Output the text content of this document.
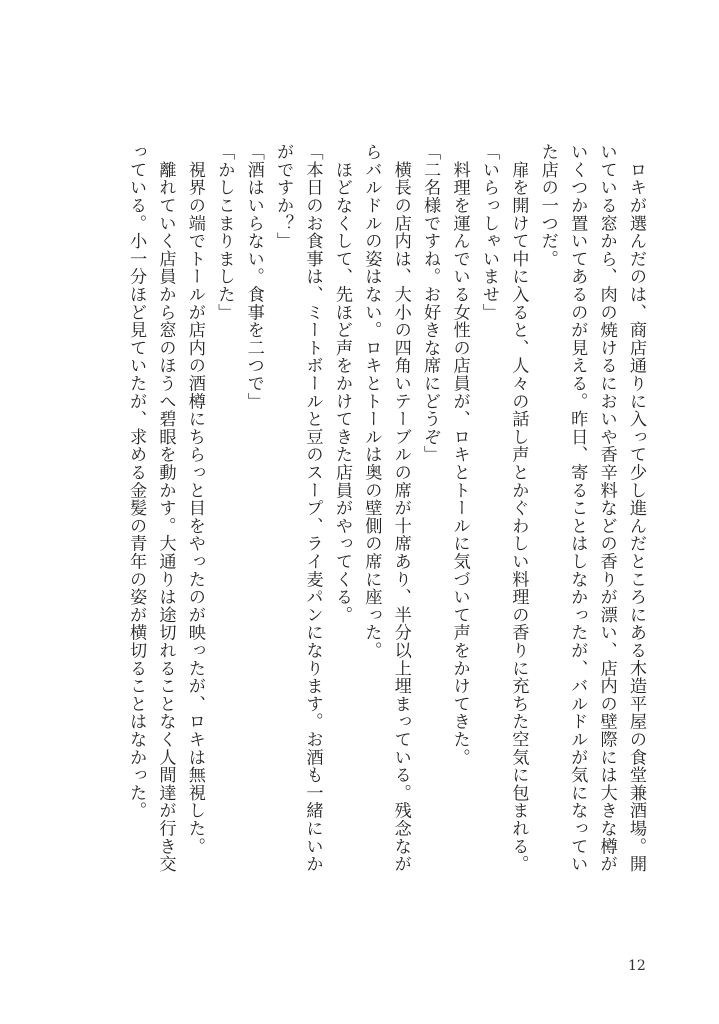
　ロキが選んだのは、商店通りに入って少し進んだところにある木造平屋の食堂兼酒場。開いている窓から、肉の焼けるにおいや香辛料などの香りが漂い、店内の壁際には大きな樽がいくつか置いてあるのが見える。昨日、寄ることはしなかったが、バルドルが気になっていた店の一つだ。

　扉を開けて中に入ると、人々の話し声とかぐわしい料理の香りに充ちた空気に包まれる。

「いらっしゃいませ」

　料理を運んでいる女性の店員が、ロキとトールに気づいて声をかけてきた。

「二名様ですね。お好きな席にどうぞ」

　横長の店内は、大小の四角いテーブルの席が十席あり、半分以上埋まっている。残念ながらバルドルの姿はない。ロキとトールは奥の壁側の席に座った。

　ほどなくして、先ほど声をかけてきた店員がやってくる。

「本日のお食事は、ミートボールと豆のスープ、ライ麦パンになります。お酒も一緒にいかがですか？」

「酒はいらない。食事を二つで」

「かしこまりました」

　視界の端でトールが店内の酒樽にちらっと目をやったのが映ったが、ロキは無視した。

　離れていく店員から窓のほうへ碧眼を動かす。大通りは途切れることなく人間達が行き交っている。小一分ほど見ていたが、求める金髪の青年の姿が横切ることはなかった。

12
